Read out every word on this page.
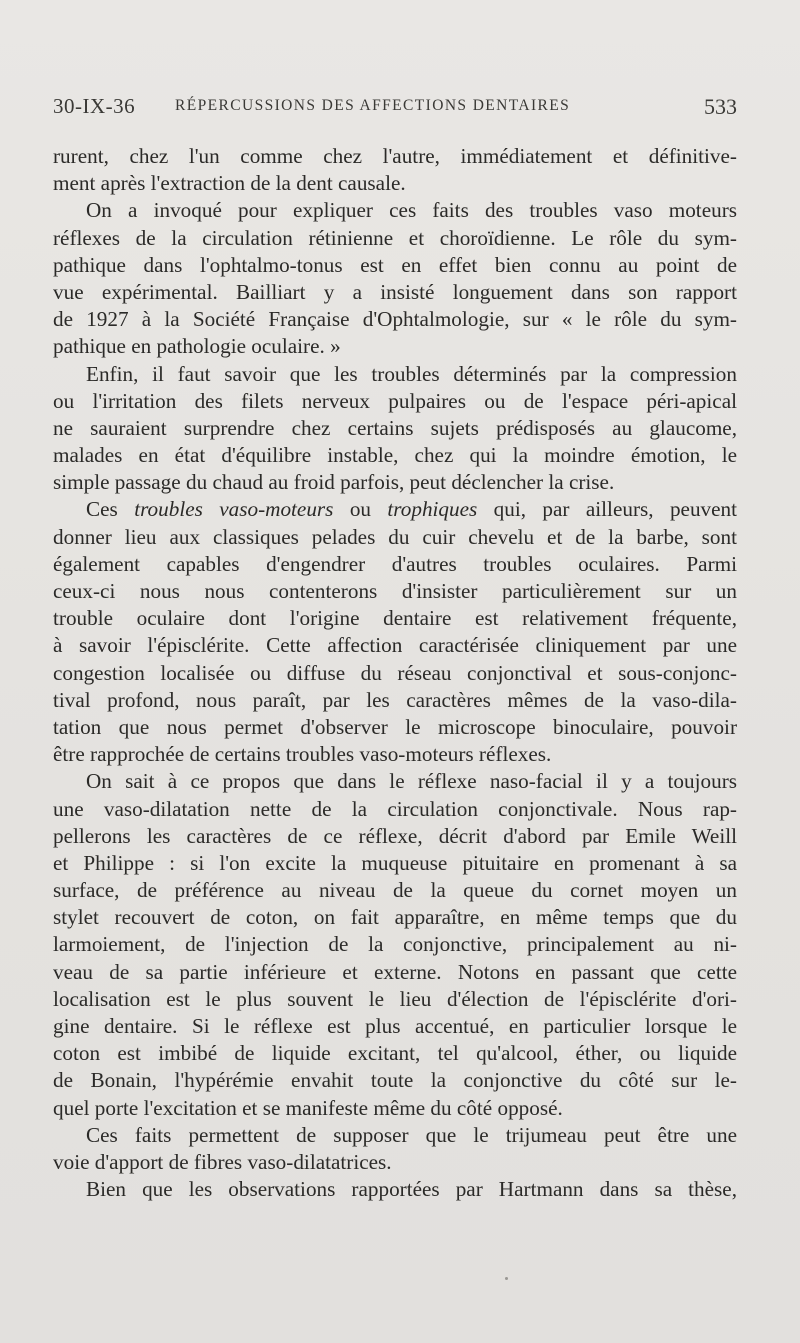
30-IX-36	RÉPERCUSSIONS DES AFFECTIONS DENTAIRES	533
rurent, chez l'un comme chez l'autre, immédiatement et définitive-
ment après l'extraction de la dent causale.
On a invoqué pour expliquer ces faits des troubles vaso moteurs
réflexes de la circulation rétinienne et choroïdienne. Le rôle du sym-
pathique dans l'ophtalmo-tonus est en effet bien connu au point de
vue expérimental. Bailliart y a insisté longuement dans son rapport
de 1927 à la Société Française d'Ophtalmologie, sur « le rôle du sym-
pathique en pathologie oculaire. »
Enfin, il faut savoir que les troubles déterminés par la compression
ou l'irritation des filets nerveux pulpaires ou de l'espace péri-apical
ne sauraient surprendre chez certains sujets prédisposés au glaucome,
malades en état d'équilibre instable, chez qui la moindre émotion, le
simple passage du chaud au froid parfois, peut déclencher la crise.
Ces troubles vaso-moteurs ou trophiques qui, par ailleurs, peuvent
donner lieu aux classiques pelades du cuir chevelu et de la barbe, sont
également capables d'engendrer d'autres troubles oculaires. Parmi
ceux-ci nous nous contenterons d'insister particulièrement sur un
trouble oculaire dont l'origine dentaire est relativement fréquente,
à savoir l'épisclérite. Cette affection caractérisée cliniquement par une
congestion localisée ou diffuse du réseau conjonctival et sous-conjonc-
tival profond, nous paraît, par les caractères mêmes de la vaso-dila-
tation que nous permet d'observer le microscope binoculaire, pouvoir
être rapprochée de certains troubles vaso-moteurs réflexes.
On sait à ce propos que dans le réflexe naso-facial il y a toujours
une vaso-dilatation nette de la circulation conjonctivale. Nous rap-
pellerons les caractères de ce réflexe, décrit d'abord par Emile Weill
et Philippe : si l'on excite la muqueuse pituitaire en promenant à sa
surface, de préférence au niveau de la queue du cornet moyen un
stylet recouvert de coton, on fait apparaître, en même temps que du
larmoiement, de l'injection de la conjonctive, principalement au ni-
veau de sa partie inférieure et externe. Notons en passant que cette
localisation est le plus souvent le lieu d'élection de l'épisclérite d'ori-
gine dentaire. Si le réflexe est plus accentué, en particulier lorsque le
coton est imbibé de liquide excitant, tel qu'alcool, éther, ou liquide
de Bonain, l'hypérémie envahit toute la conjonctive du côté sur le-
quel porte l'excitation et se manifeste même du côté opposé.
Ces faits permettent de supposer que le trijumeau peut être une
voie d'apport de fibres vaso-dilatatrices.
Bien que les observations rapportées par Hartmann dans sa thèse,
